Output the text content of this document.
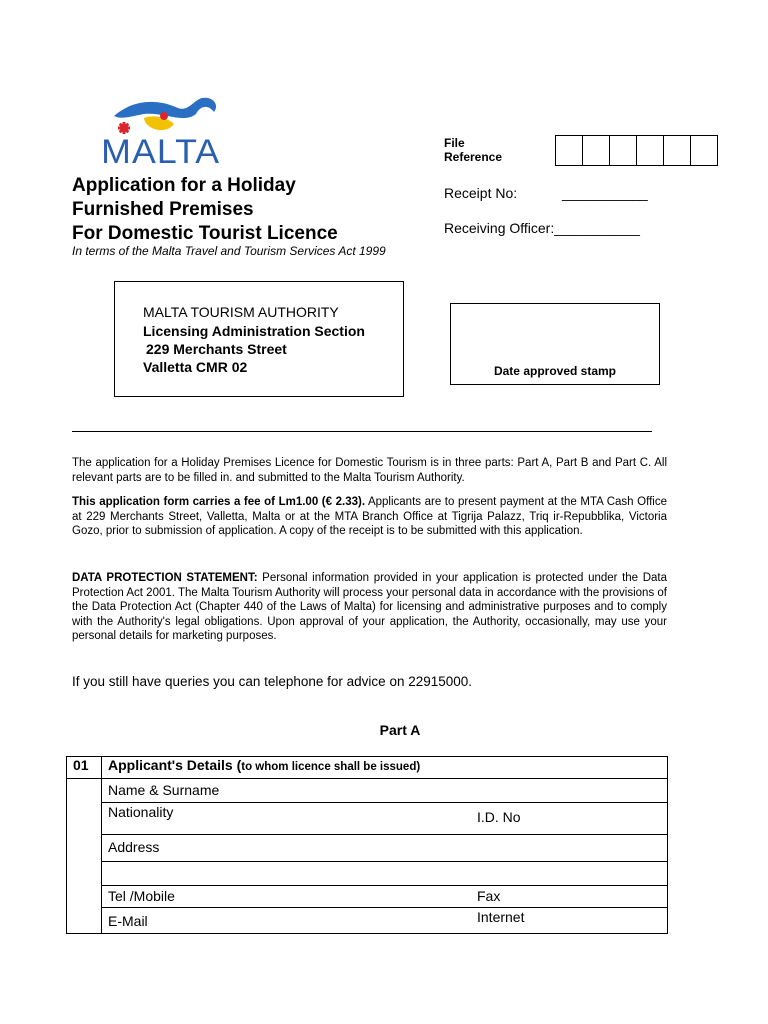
MALTA
Application for a Holiday
Furnished Premises
For Domestic Tourist Licence
In terms of the Malta Travel and Tourism Services Act 1999
File
Reference
Receipt No:	___________
Receiving Officer:___________
MALTA TOURISM AUTHORITY
Licensing Administration Section
229 Merchants Street
Valletta CMR 02	Date approved stamp
The application for a Holiday Premises Licence for Domestic Tourism is in three parts: Part A, Part B and Part C. All relevant parts are to be filled in. and submitted to the Malta Tourism Authority.
This application form carries a fee of Lm1.00 (€ 2.33). Applicants are to present payment at the MTA Cash Office at 229 Merchants Street, Valletta, Malta or at the MTA Branch Office at Tigrija Palazz, Triq ir-Repubblika, Victoria Gozo, prior to submission of application. A copy of the receipt is to be submitted with this application.
DATA PROTECTION STATEMENT: Personal information provided in your application is protected under the Data Protection Act 2001. The Malta Tourism Authority will process your personal data in accordance with the provisions of the Data Protection Act (Chapter 440 of the Laws of Malta) for licensing and administrative purposes and to comply with the Authority's legal obligations. Upon approval of your application, the Authority, occasionally, may use your personal details for marketing purposes.
If you still have queries you can telephone for advice on 22915000.
Part A
01	Applicant's Details (to whom licence shall be issued)
	Name & Surname
	Nationality I.D. No

	Address

	Tel /Mobile Fax

	E-Mail Internet
